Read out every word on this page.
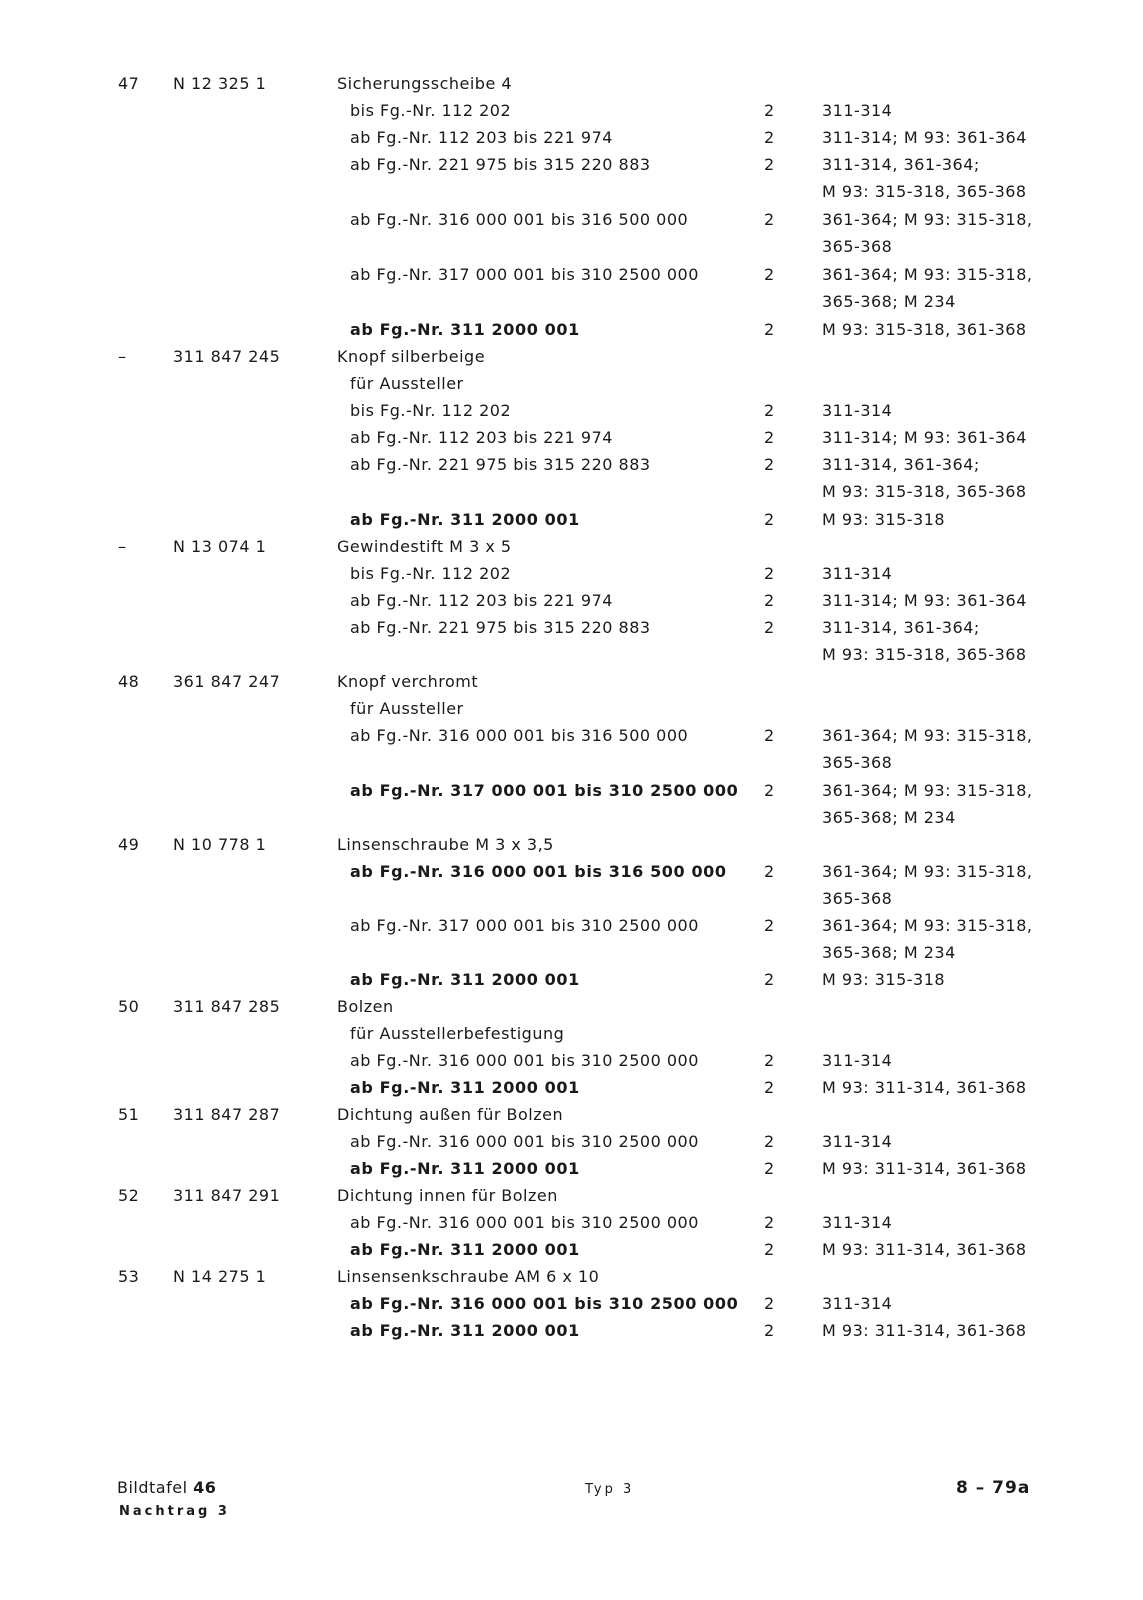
47 N 12 325 1	Sicherungsscheibe 4
bis Fg.-Nr. 112 202	2	311-314
ab Fg.-Nr. 112 203 bis 221 974	2	311-314; M 93: 361-364
ab Fg.-Nr. 221 975 bis 315 220 883	2	311-314, 361-364;
M 93: 315-318, 365-368
ab Fg.-Nr. 316 000 001 bis 316 500 000	2	361-364; M 93: 315-318,
365-368
ab Fg.-Nr. 317 000 001 bis 310 2500 000	2	361-364; M 93: 315-318,
365-368; M 234
ab Fg.-Nr. 311 2000 001	2	M 93: 315-318, 361-368
–	311 847 245	Knopf silberbeige
für Aussteller
bis Fg.-Nr. 112 202	2	311-314
ab Fg.-Nr. 112 203 bis 221 974	2	311-314; M 93: 361-364
ab Fg.-Nr. 221 975 bis 315 220 883	2	311-314, 361-364;
M 93: 315-318, 365-368
ab Fg.-Nr. 311 2000 001	2	M 93: 315-318
–	N 13 074 1	Gewindestift M 3 x 5
bis Fg.-Nr. 112 202	2	311-314
ab Fg.-Nr. 112 203 bis 221 974	2	311-314; M 93: 361-364
ab Fg.-Nr. 221 975 bis 315 220 883	2	311-314, 361-364;
M 93: 315-318, 365-368
48 361 847 247	Knopf verchromt
für Aussteller
ab Fg.-Nr. 316 000 001 bis 316 500 000	2	361-364; M 93: 315-318,
365-368
ab Fg.-Nr. 317 000 001 bis 310 2500 000 2	361-364; M 93: 315-318,
365-368; M 234
49 N 10 778 1	Linsenschraube M 3 x 3,5
ab Fg.-Nr. 316 000 001 bis 316 500 000 2	361-364; M 93: 315-318,
365-368
ab Fg.-Nr. 317 000 001 bis 310 2500 000	2	361-364; M 93: 315-318,
365-368; M 234
ab Fg.-Nr. 311 2000 001	2	M 93: 315-318
50 311 847 285	Bolzen
für Ausstellerbefestigung
ab Fg.-Nr. 316 000 001 bis 310 2500 000	2	311-314
ab Fg.-Nr. 311 2000 001	2	M 93: 311-314, 361-368
51 311 847 287	Dichtung außen für Bolzen
ab Fg.-Nr. 316 000 001 bis 310 2500 000	2	311-314
ab Fg.-Nr. 311 2000 001	2	M 93: 311-314, 361-368
52 311 847 291	Dichtung innen für Bolzen
ab Fg.-Nr. 316 000 001 bis 310 2500 000	2	311-314
ab Fg.-Nr. 311 2000 001	2	M 93: 311-314, 361-368
53 N 14 275 1	Linsensenkschraube AM 6 x 10
ab Fg.-Nr. 316 000 001 bis 310 2500 000 2	311-314
ab Fg.-Nr. 311 2000 001	2	M 93: 311-314, 361-368
Bildtafel 46
Nachtrag 3
Typ 3	8 – 79a
